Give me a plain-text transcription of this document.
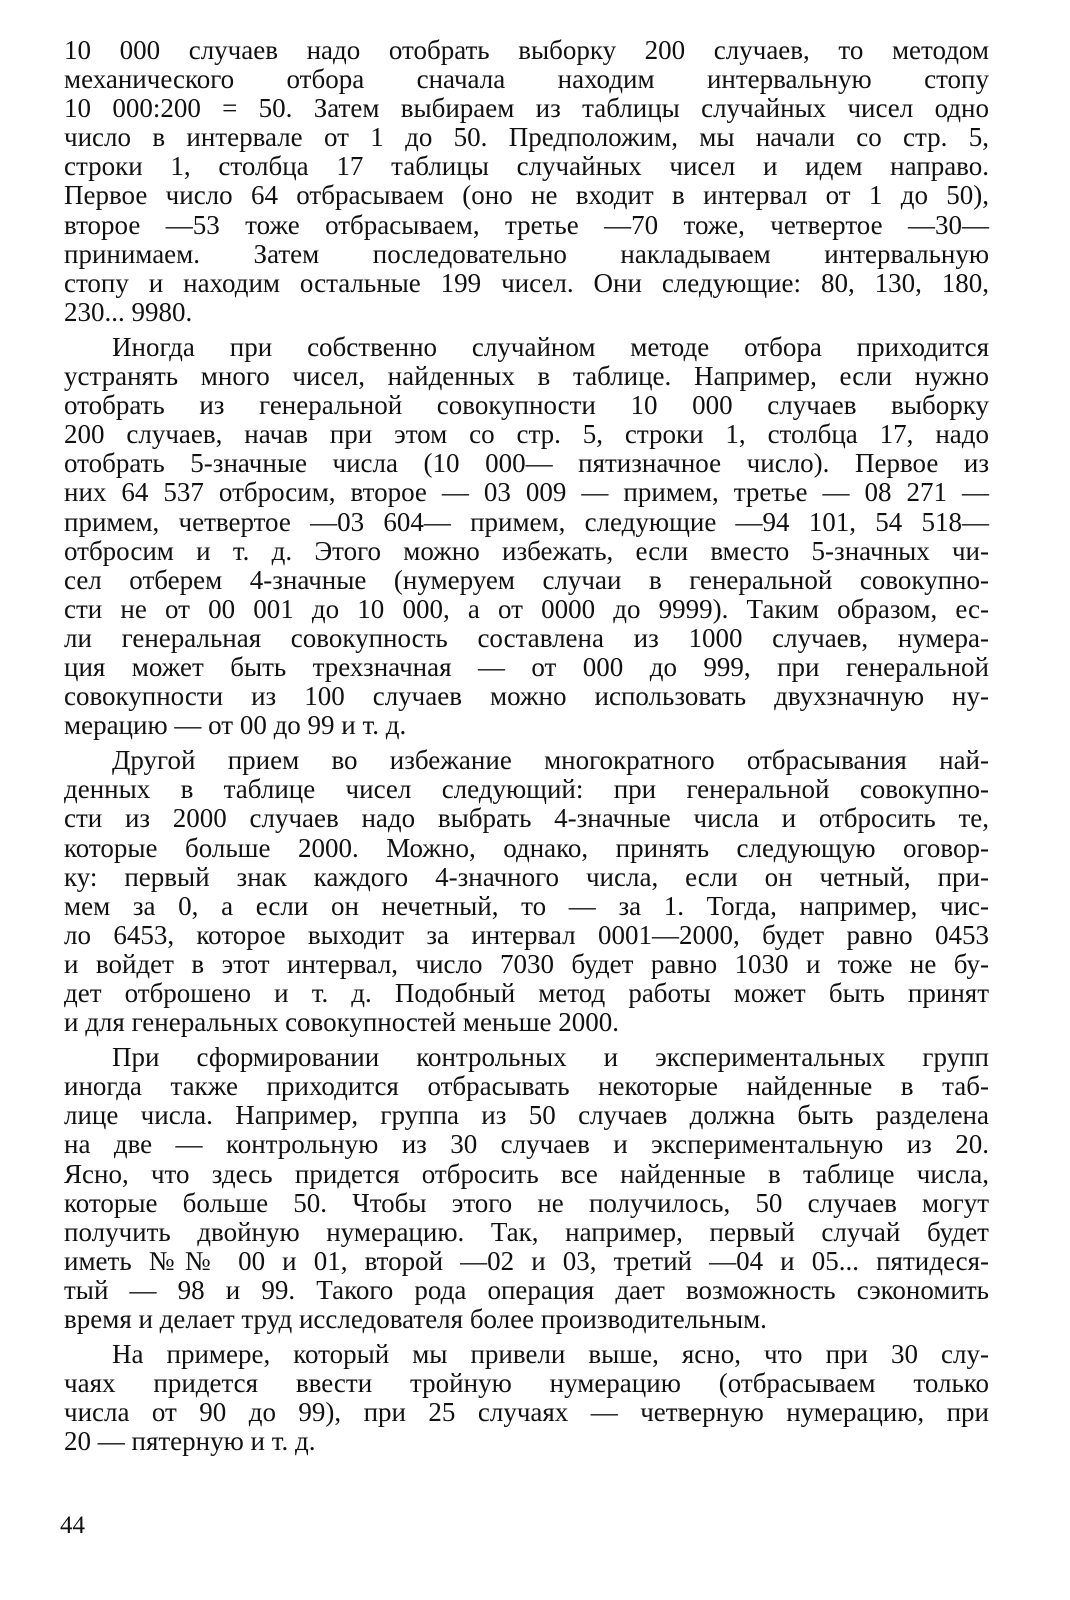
10 000 случаев надо отобрать выборку 200 случаев, то методом
механического отбора сначала находим интервальную стопу
10 000:200 = 50. Затем выбираем из таблицы случайных чисел одно
число в интервале от 1 до 50. Предположим, мы начали со стр. 5,
строки 1, столбца 17 таблицы случайных чисел и идем направо.
Первое число 64 отбрасываем (оно не входит в интервал от 1 до 50),
второе —53 тоже отбрасываем, третье —70 тоже, четвертое —30—
принимаем. Затем последовательно накладываем интервальную
стопу и находим остальные 199 чисел. Они следующие: 80, 130, 180,
230... 9980.
Иногда при собственно случайном методе отбора приходится
устранять много чисел, найденных в таблице. Например, если нужно
отобрать из генеральной совокупности 10 000 случаев выборку
200 случаев, начав при этом со стр. 5, строки 1, столбца 17, надо
отобрать 5-значные числа (10 000— пятизначное число). Первое из
них 64 537 отбросим, второе — 03 009 — примем, третье — 08 271 —
примем, четвертое —03 604— примем, следующие —94 101, 54 518—
отбросим и т. д. Этого можно избежать, если вместо 5-значных чи-
сел отберем 4-значные (нумеруем случаи в генеральной совокупно-
сти не от 00 001 до 10 000, а от 0000 до 9999). Таким образом, ес-
ли генеральная совокупность составлена из 1000 случаев, нумера-
ция может быть трехзначная — от 000 до 999, при генеральной
совокупности из 100 случаев можно использовать двухзначную ну-
мерацию — от 00 до 99 и т. д.
Другой прием во избежание многократного отбрасывания най-
денных в таблице чисел следующий: при генеральной совокупно-
сти из 2000 случаев надо выбрать 4-значные числа и отбросить те,
которые больше 2000. Можно, однако, принять следующую оговор-
ку: первый знак каждого 4-значного числа, если он четный, при-
мем за 0, а если он нечетный, то — за 1. Тогда, например, чис-
ло 6453, которое выходит за интервал 0001—2000, будет равно 0453
и войдет в этот интервал, число 7030 будет равно 1030 и тоже не бу-
дет отброшено и т. д. Подобный метод работы может быть принят
и для генеральных совокупностей меньше 2000.
При сформировании контрольных и экспериментальных групп
иногда также приходится отбрасывать некоторые найденные в таб-
лице числа. Например, группа из 50 случаев должна быть разделена
на две — контрольную из 30 случаев и экспериментальную из 20.
Ясно, что здесь придется отбросить все найденные в таблице числа,
которые больше 50. Чтобы этого не получилось, 50 случаев могут
получить двойную нумерацию. Так, например, первый случай будет
иметь №№ 00 и 01, второй —02 и 03, третий —04 и 05... пятидеся-
тый — 98 и 99. Такого рода операция дает возможность сэкономить
время и делает труд исследователя более производительным.
На примере, который мы привели выше, ясно, что при 30 слу-
чаях придется ввести тройную нумерацию (отбрасываем только
числа от 90 до 99), при 25 случаях — четверную нумерацию, при
20 — пятерную и т. д.
44
